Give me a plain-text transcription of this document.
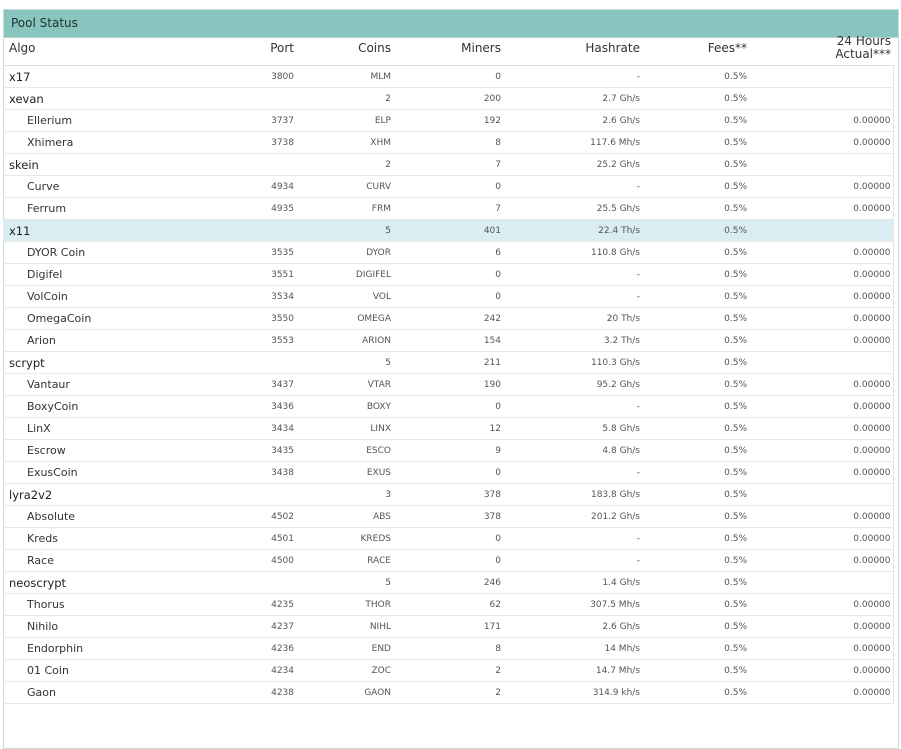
Pool Status
Algo	Port	Coins	Miners	Hashrate	Fees**	24 Hours
Actual***
x17	3800	MLM	0	-	0.5%	
xevan		2	200	2.7 Gh/s	0.5%	
Ellerium	3737	ELP	192	2.6 Gh/s	0.5%	0.00000
Xhimera	3738	XHM	8	117.6 Mh/s	0.5%	0.00000
skein		2	7	25.2 Gh/s	0.5%	
Curve	4934	CURV	0	-	0.5%	0.00000
Ferrum	4935	FRM	7	25.5 Gh/s	0.5%	0.00000
x11		5	401	22.4 Th/s	0.5%	
DYOR Coin	3535	DYOR	6	110.8 Gh/s	0.5%	0.00000
Digifel	3551	DIGIFEL	0	-	0.5%	0.00000
VolCoin	3534	VOL	0	-	0.5%	0.00000
OmegaCoin	3550	OMEGA	242	20 Th/s	0.5%	0.00000
Arion	3553	ARION	154	3.2 Th/s	0.5%	0.00000
scrypt		5	211	110.3 Gh/s	0.5%	
Vantaur	3437	VTAR	190	95.2 Gh/s	0.5%	0.00000
BoxyCoin	3436	BOXY	0	-	0.5%	0.00000
LinX	3434	LINX	12	5.8 Gh/s	0.5%	0.00000
Escrow	3435	ESCO	9	4.8 Gh/s	0.5%	0.00000
ExusCoin	3438	EXUS	0	-	0.5%	0.00000
lyra2v2		3	378	183.8 Gh/s	0.5%	
Absolute	4502	ABS	378	201.2 Gh/s	0.5%	0.00000
Kreds	4501	KREDS	0	-	0.5%	0.00000
Race	4500	RACE	0	-	0.5%	0.00000
neoscrypt		5	246	1.4 Gh/s	0.5%	
Thorus	4235	THOR	62	307.5 Mh/s	0.5%	0.00000
Nihilo	4237	NIHL	171	2.6 Gh/s	0.5%	0.00000
Endorphin	4236	END	8	14 Mh/s	0.5%	0.00000
01 Coin	4234	ZOC	2	14.7 Mh/s	0.5%	0.00000
Gaon	4238	GAON	2	314.9 kh/s	0.5%	0.00000
